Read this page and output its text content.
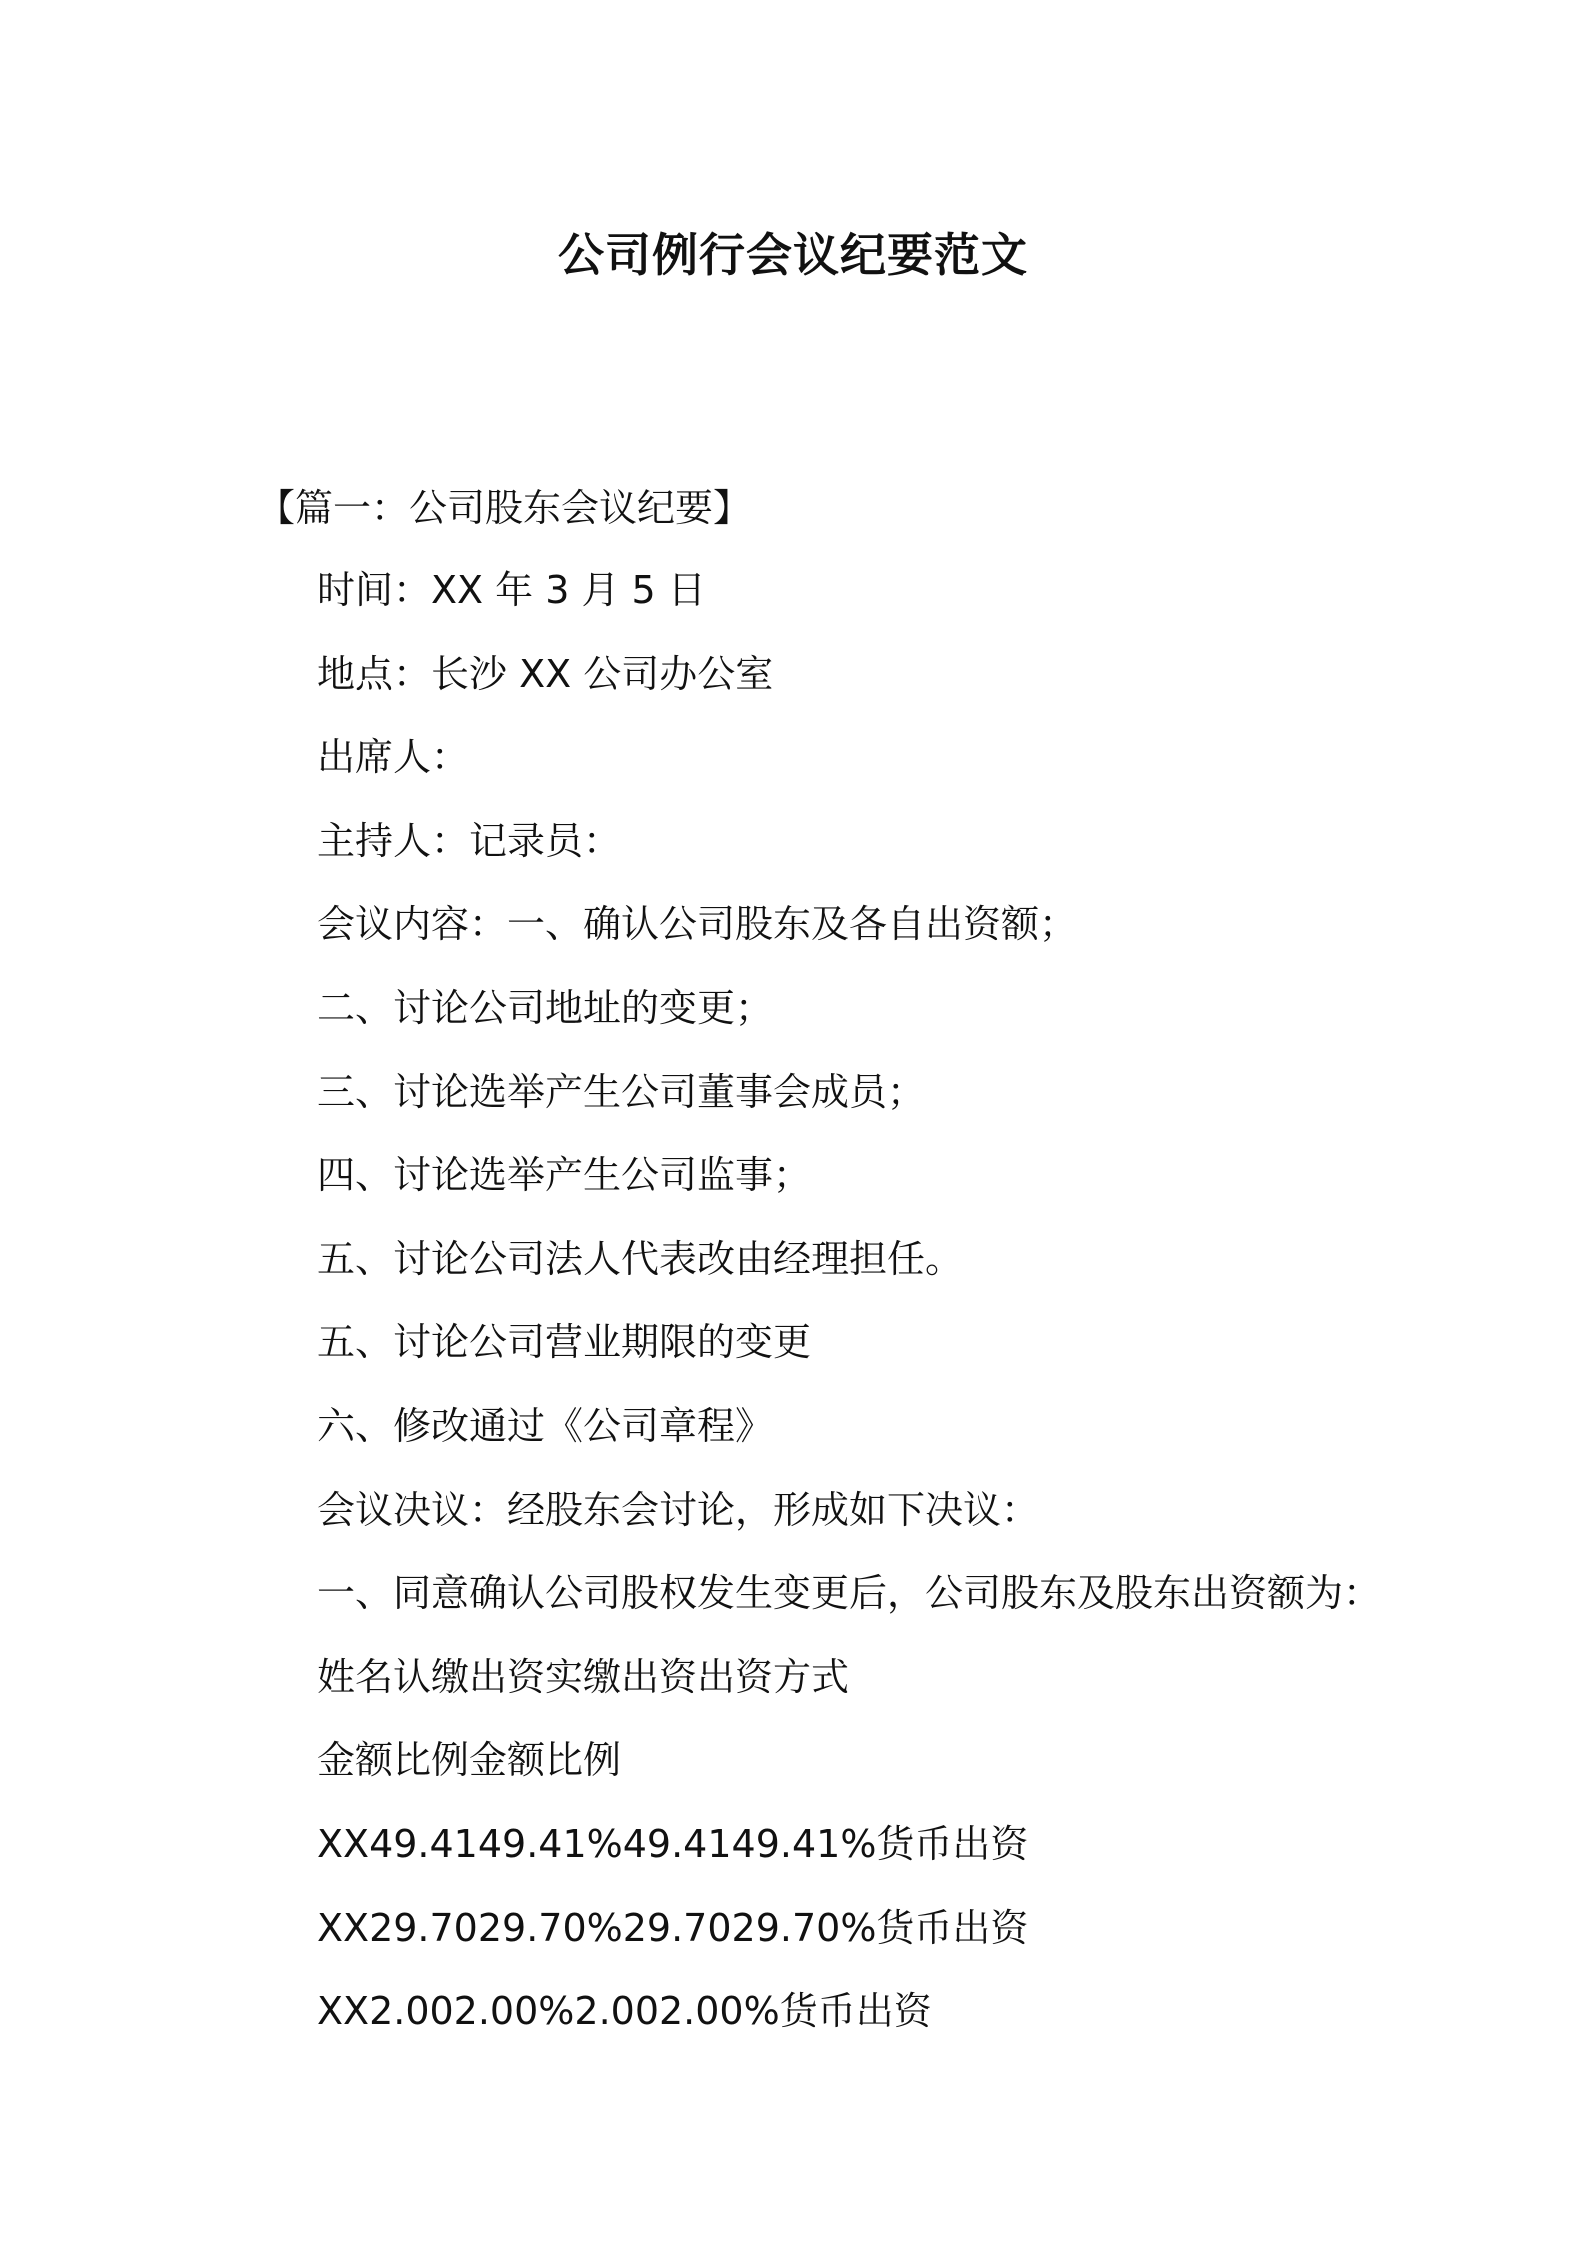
公司例行会议纪要范文

【篇一：公司股东会议纪要】

时间：XX 年 3 月 5 日
地点：长沙 XX 公司办公室
出席人：
主持人：记录员：
会议内容：一、确认公司股东及各自出资额；
二、讨论公司地址的变更；
三、讨论选举产生公司董事会成员；
四、讨论选举产生公司监事；
五、讨论公司法人代表改由经理担任。
五、讨论公司营业期限的变更
六、修改通过《公司章程》
会议决议：经股东会讨论，形成如下决议：
一、同意确认公司股权发生变更后，公司股东及股东出资额为：
姓名认缴出资实缴出资出资方式
金额比例金额比例
XX49.4149.41%49.4149.41%货币出资
XX29.7029.70%29.7029.70%货币出资
XX2.002.00%2.002.00%货币出资
